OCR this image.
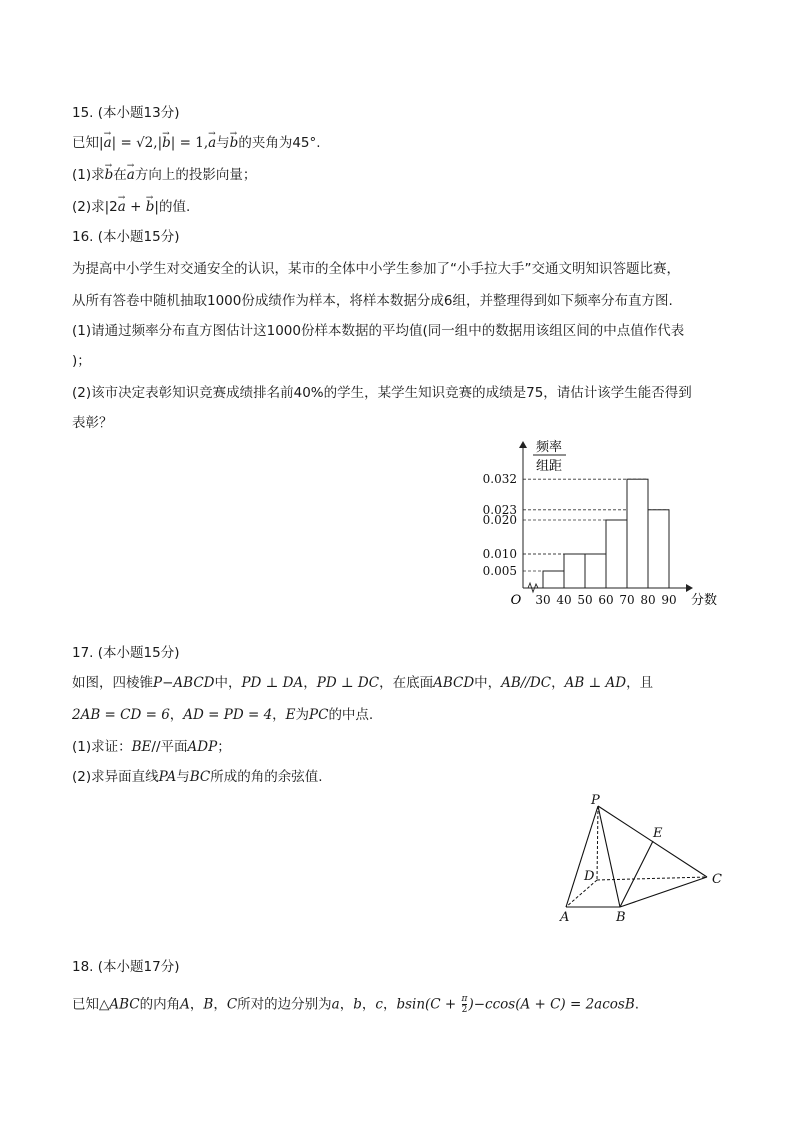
15. (本小题13分)
已知|→ a| = √2,|→ b| = 1,→ a与→ b的夹角为45°.
(1)求→ b在→ a方向上的投影向量；
(2)求|2→ a + → b|的值.
16. (本小题15分)
为提高中小学生对交通安全的认识，某市的全体中小学生参加了“小手拉大手”交通文明知识答题比赛，
从所有答卷中随机抽取1000份成绩作为样本，将样本数据分成6组，并整理得到如下频率分布直方图.
(1)请通过频率分布直方图估计这1000份样本数据的平均值(同一组中的数据用该组区间的中点值作代表
)；
(2)该市决定表彰知识竞赛成绩排名前40%的学生，某学生知识竞赛的成绩是75，请估计该学生能否得到
表彰？
频率
组距
分数
O
0.005
0.010
0.020
0.023
0.032
30 40 50 60 70 80 90
17. (本小题15分)
如图，四棱锥P−ABCD中，PD ⊥ DA，PD ⊥ DC，在底面ABCD中，AB//DC，AB ⊥ AD，且
2AB = CD = 6，AD = PD = 4，E为PC的中点.
(1)求证：BE//平面ADP；
(2)求异面直线PA与BC所成的角的余弦值.
P
E
D	C
A	B
18. (本小题17分)
已知△ABC的内角A，B，C所对的边分别为a，b，c，$bsin(C + \frac{\pi}{2} )-ccos(A + C) = 2acosB$.
